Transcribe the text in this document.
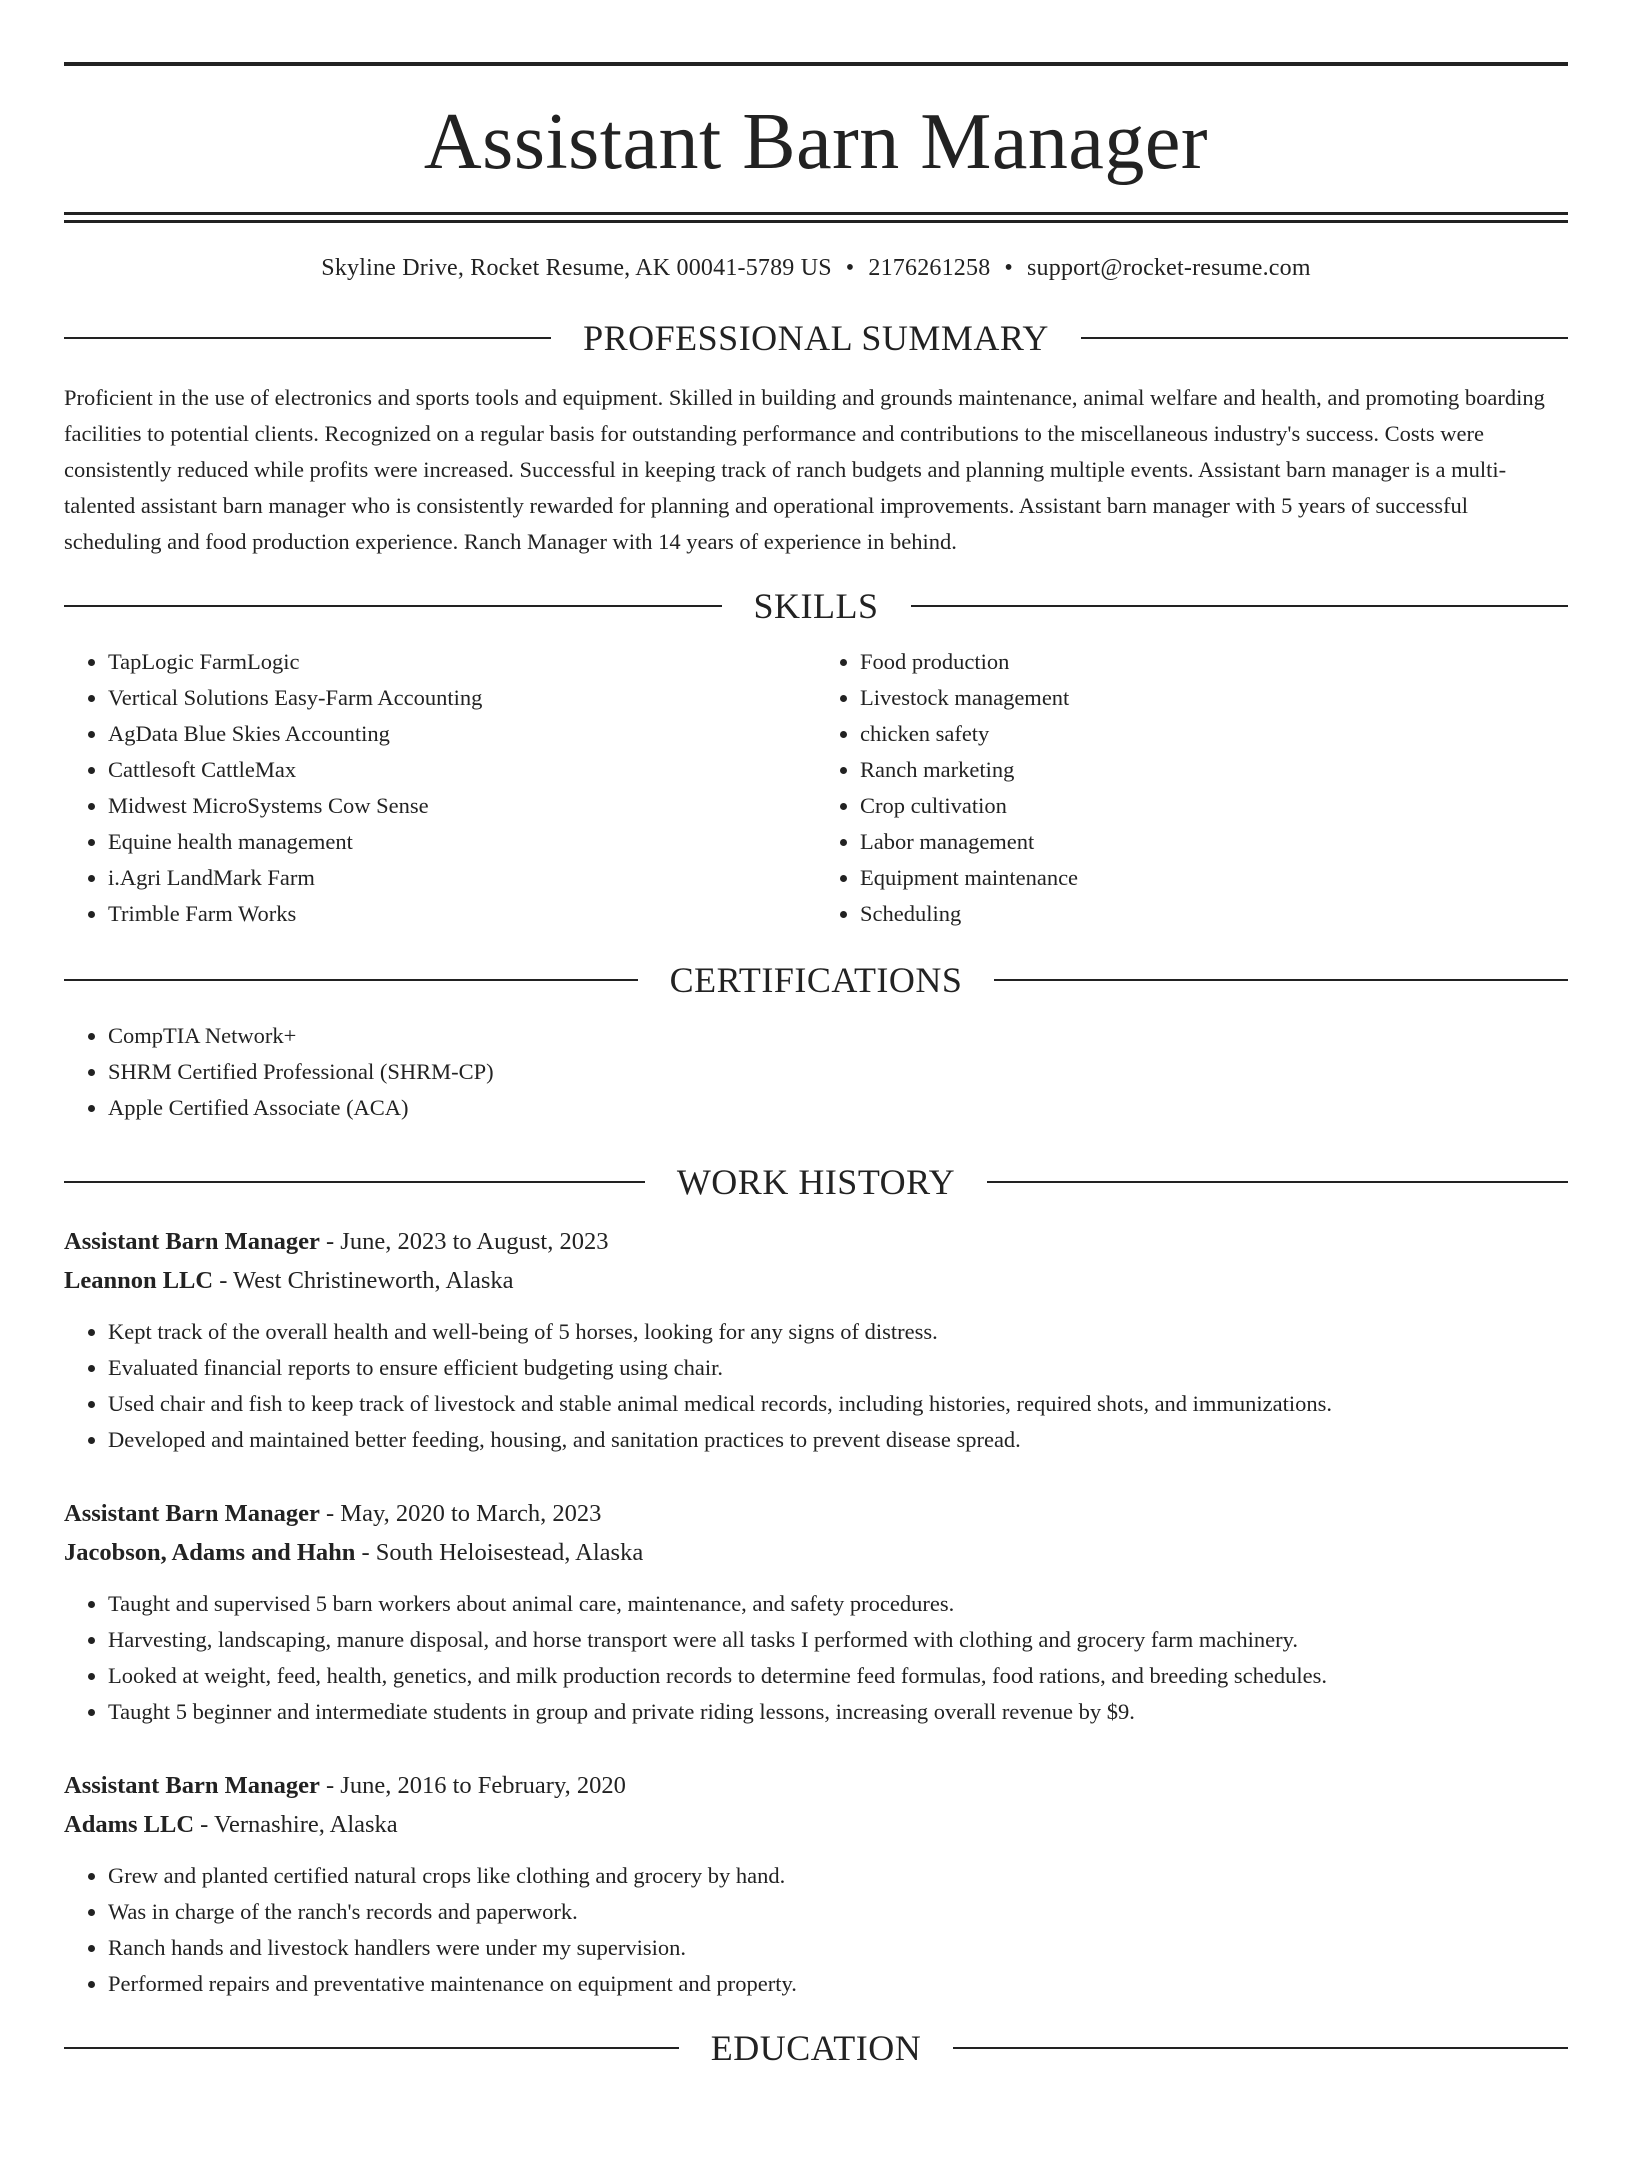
Assistant Barn Manager
Skyline Drive, Rocket Resume, AK 00041-5789 US • 2176261258 • support@rocket-resume.com
PROFESSIONAL SUMMARY

Proficient in the use of electronics and sports tools and equipment. Skilled in building and grounds maintenance, animal welfare and health, and promoting boarding facilities to potential clients. Recognized on a regular basis for outstanding performance and contributions to the miscellaneous industry's success. Costs were consistently reduced while profits were increased. Successful in keeping track of ranch budgets and planning multiple events. Assistant barn manager is a multi-talented assistant barn manager who is consistently rewarded for planning and operational improvements. Assistant barn manager with 5 years of successful scheduling and food production experience. Ranch Manager with 14 years of experience in behind.

SKILLS
• TapLogic FarmLogic
• Vertical Solutions Easy-Farm Accounting
• AgData Blue Skies Accounting
• Cattlesoft CattleMax
• Midwest MicroSystems Cow Sense
• Equine health management
• i.Agri LandMark Farm
• Trimble Farm Works
• Food production
• Livestock management
• chicken safety
• Ranch marketing
• Crop cultivation
• Labor management
• Equipment maintenance
• Scheduling
CERTIFICATIONS
• CompTIA Network+
• SHRM Certified Professional (SHRM-CP)
• Apple Certified Associate (ACA)
WORK HISTORY
Assistant Barn Manager - June, 2023 to August, 2023
Leannon LLC - West Christineworth, Alaska
• Kept track of the overall health and well-being of 5 horses, looking for any signs of distress.
• Evaluated financial reports to ensure efficient budgeting using chair.
• Used chair and fish to keep track of livestock and stable animal medical records, including histories, required shots, and immunizations.
• Developed and maintained better feeding, housing, and sanitation practices to prevent disease spread.
Assistant Barn Manager - May, 2020 to March, 2023
Jacobson, Adams and Hahn - South Heloisestead, Alaska
• Taught and supervised 5 barn workers about animal care, maintenance, and safety procedures.
• Harvesting, landscaping, manure disposal, and horse transport were all tasks I performed with clothing and grocery farm machinery.
• Looked at weight, feed, health, genetics, and milk production records to determine feed formulas, food rations, and breeding schedules.
• Taught 5 beginner and intermediate students in group and private riding lessons, increasing overall revenue by $9.
Assistant Barn Manager - June, 2016 to February, 2020
Adams LLC - Vernashire, Alaska
• Grew and planted certified natural crops like clothing and grocery by hand.
• Was in charge of the ranch's records and paperwork.
• Ranch hands and livestock handlers were under my supervision.
• Performed repairs and preventative maintenance on equipment and property.
EDUCATION
